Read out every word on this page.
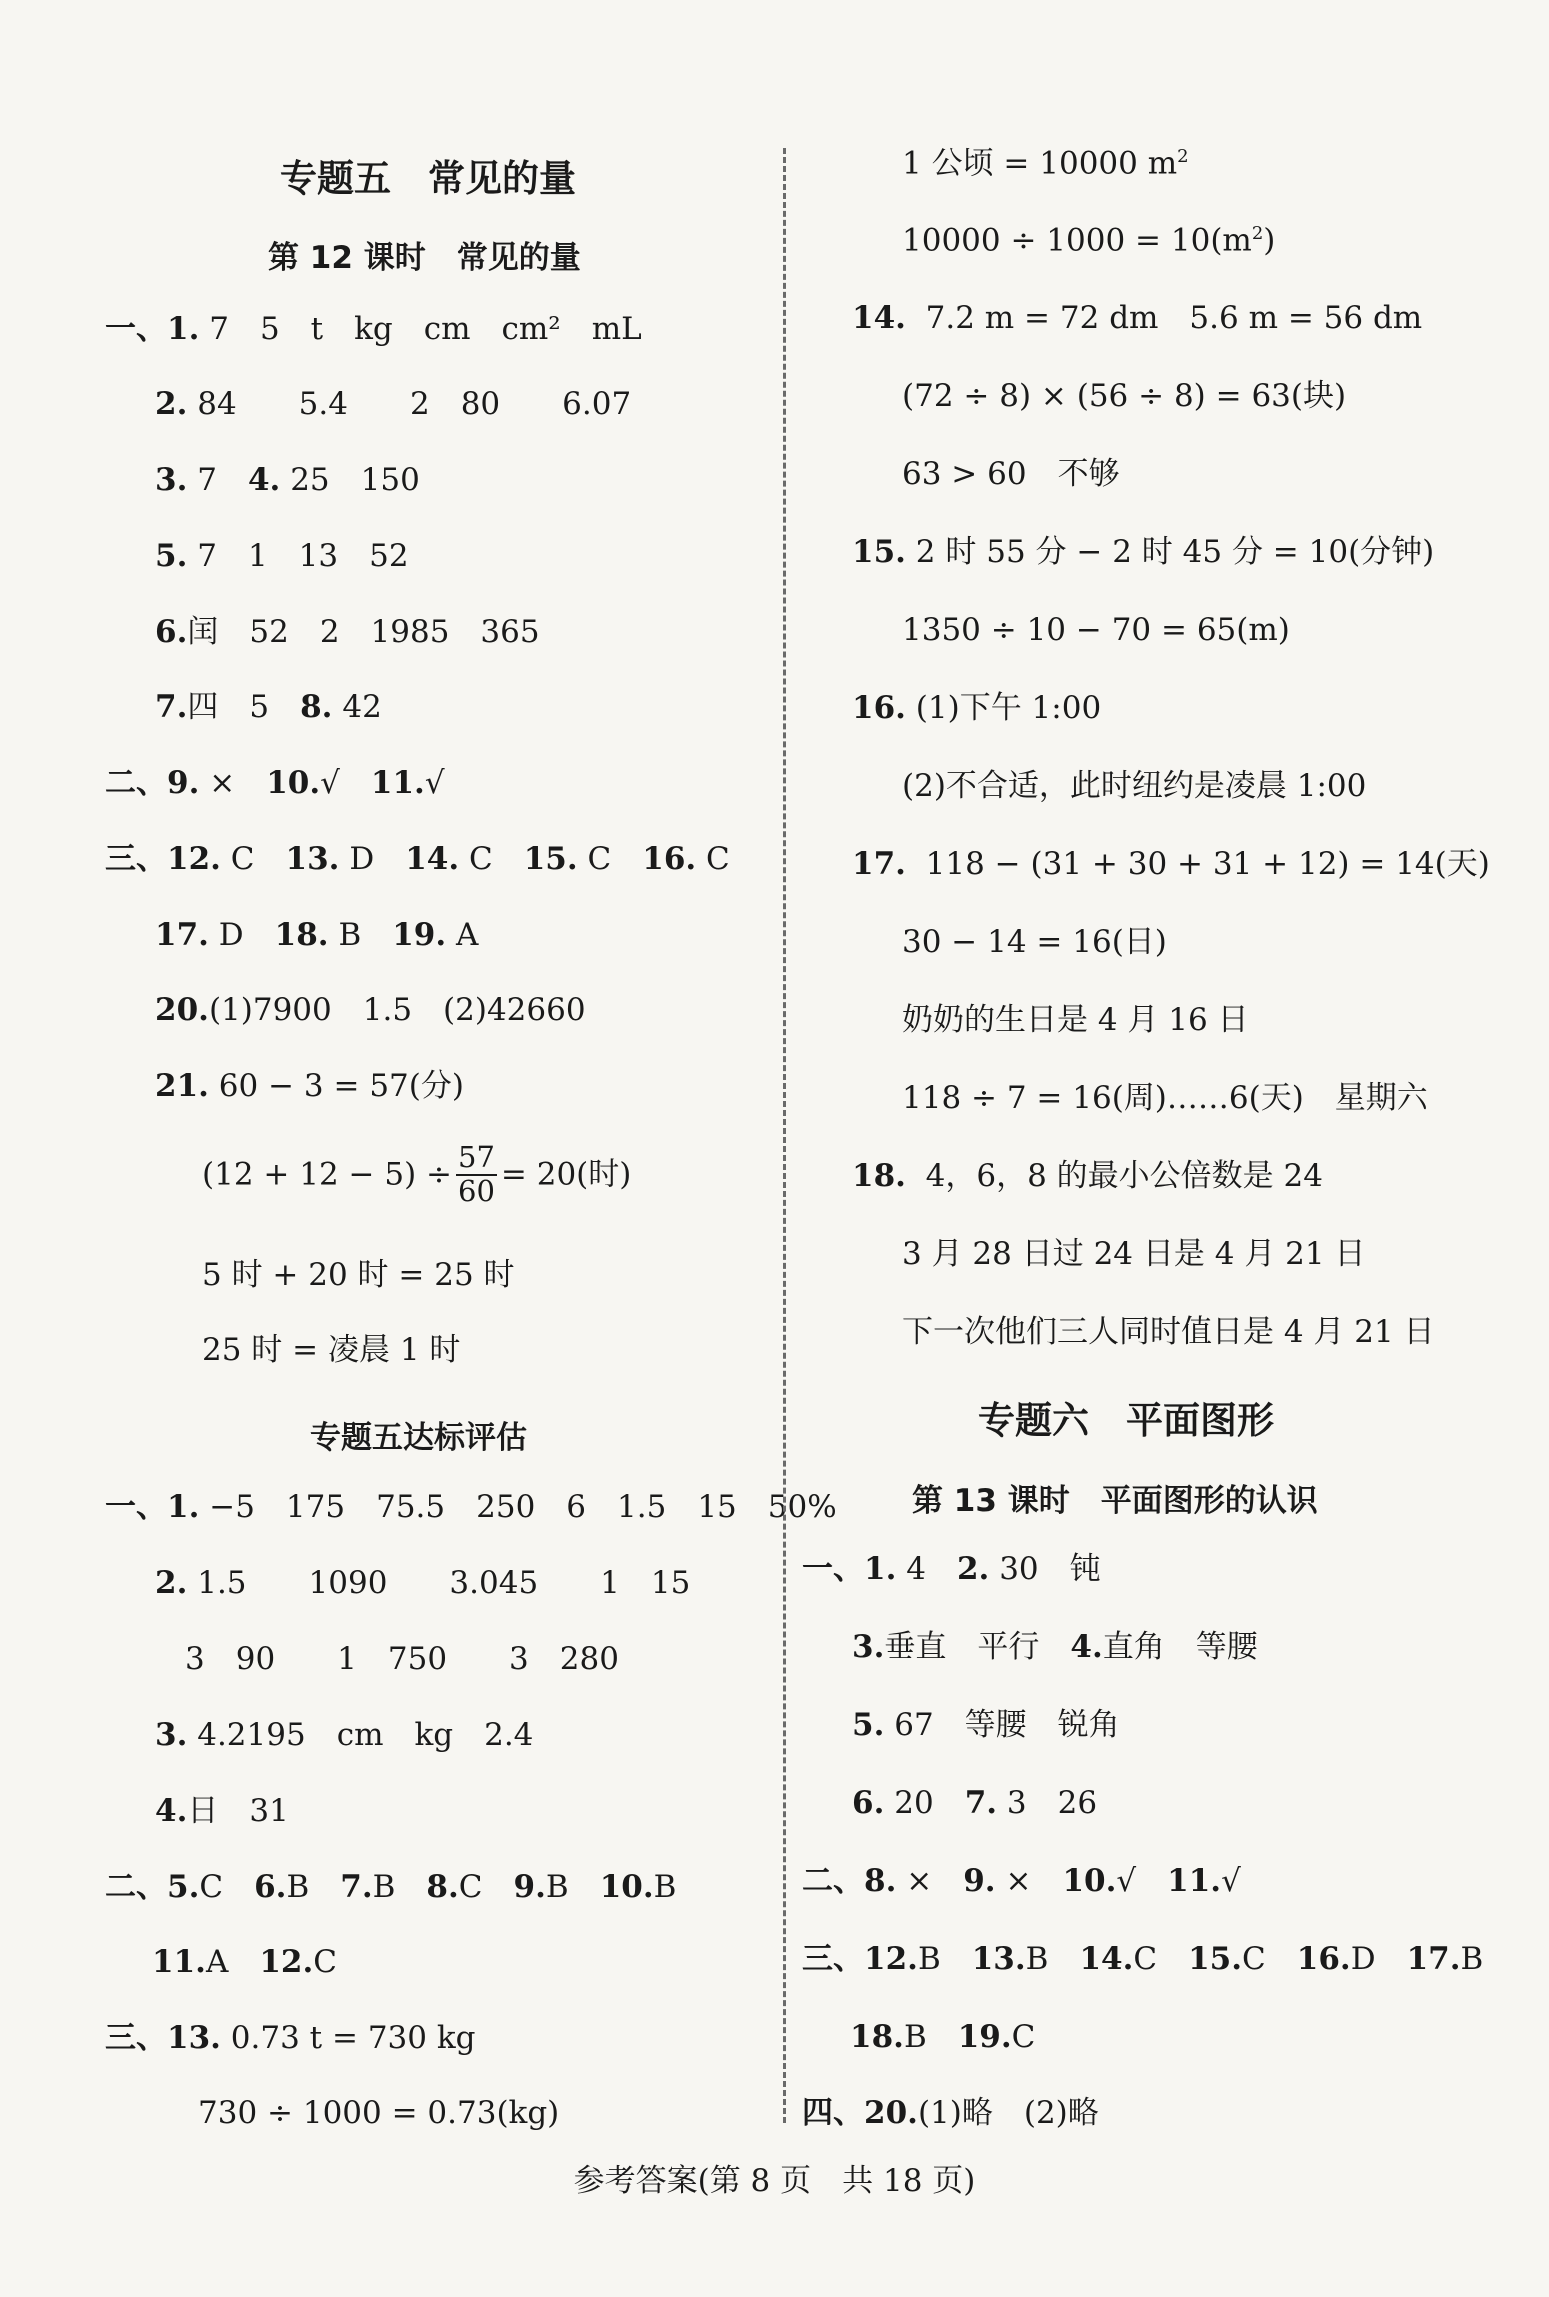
专题五　常见的量
第 12 课时　常见的量
一、1. 7　5　t　kg　cm　cm²　mL
2. 84　　5.4　　2　80　　6.07
3. 7　4. 25　150
5. 7　1　13　52
6.闰　52　2　1985　365
7.四　5　8. 42
二、9. ×　10.√　11.√
三、12. C　13. D　14. C　15. C　16. C
17. D　18. B　19. A
20.(1)7900　1.5　(2)42660
21. 60 − 3 = 57(分)
$(12 + 12 - 5) \div \frac{57}{60} = 20$(时)
5 时 + 20 时 = 25 时
25 时 = 凌晨 1 时
专题五达标评估
一、1. −5　175　75.5　250　6　1.5　15　50%
2. 1.5　　1090　　3.045　　1　15
3　90　　1　750　　3　280
3. 4.2195　cm　kg　2.4
4.日　31
二、5.C　6.B　7.B　8.C　9.B　10.B
11.A　12.C
三、13. 0.73 t = 730 kg
730 ÷ 1000 = 0.73(kg)
1 公顷 = 10000 $m^2$
$10000 \div 1000 = 10(m^2)$
14. 7.2 m = 72 dm　5.6 m = 56 dm
(72 ÷ 8) × (56 ÷ 8) = 63(块)
63 > 60　不够
15. 2 时 55 分 − 2 时 45 分 = 10(分钟)
1350 ÷ 10 − 70 = 65(m)
16. (1)下午 1:00
(2)不合适，此时纽约是凌晨 1:00
17. 118 − (31 + 30 + 31 + 12) = 14(天)
30 − 14 = 16(日)
奶奶的生日是 4 月 16 日
118 ÷ 7 = 16(周)……6(天)　星期六
18. 4，6，8 的最小公倍数是 24
3 月 28 日过 24 日是 4 月 21 日
下一次他们三人同时值日是 4 月 21 日
专题六　平面图形
第 13 课时　平面图形的认识
一、1. 4　2. 30　钝
3.垂直　平行　4.直角　等腰
5. 67　等腰　锐角
6. 20　7. 3　26
二、8. ×　9. ×　10.√　11.√
三、12.B　13.B　14.C　15.C　16.D　17.B
18.B　19.C
四、20.(1)略　(2)略
参考答案(第 8 页　共 18 页)
